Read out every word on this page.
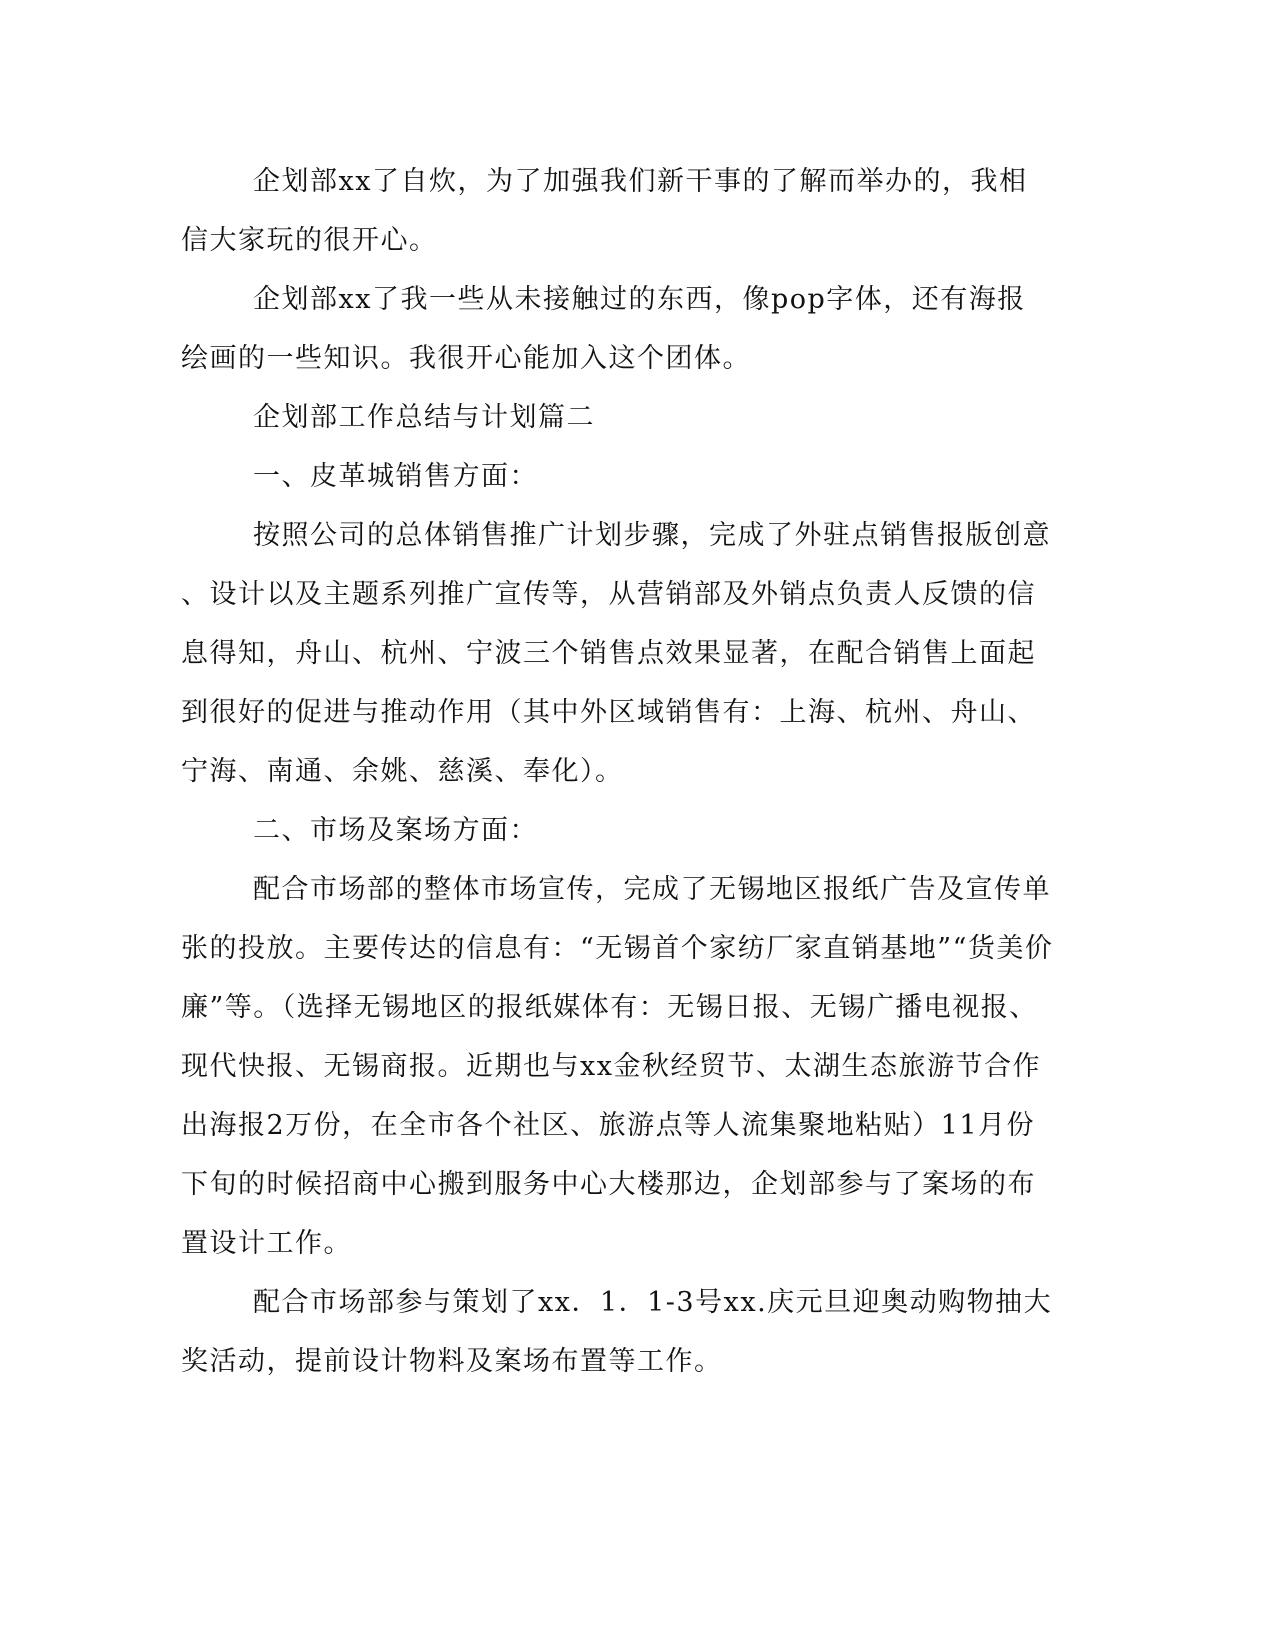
企划部xx了自炊，为了加强我们新干事的了解而举办的，我相
信大家玩的很开心。
企划部xx了我一些从未接触过的东西，像pop字体，还有海报
绘画的一些知识。我很开心能加入这个团体。
企划部工作总结与计划篇二
一、皮革城销售方面：
按照公司的总体销售推广计划步骤，完成了外驻点销售报版创意
、设计以及主题系列推广宣传等，从营销部及外销点负责人反馈的信
息得知，舟山、杭州、宁波三个销售点效果显著，在配合销售上面起
到很好的促进与推动作用（其中外区域销售有：上海、杭州、舟山、
宁海、南通、余姚、慈溪、奉化）。
二、市场及案场方面：
配合市场部的整体市场宣传，完成了无锡地区报纸广告及宣传单
张的投放。主要传达的信息有：“无锡首个家纺厂家直销基地”“货美价
廉”等。（选择无锡地区的报纸媒体有：无锡日报、无锡广播电视报、
现代快报、无锡商报。近期也与xx金秋经贸节、太湖生态旅游节合作
出海报2万份，在全市各个社区、旅游点等人流集聚地粘贴）11月份
下旬的时候招商中心搬到服务中心大楼那边，企划部参与了案场的布
置设计工作。
配合市场部参与策划了xx．1．1-3号xx.庆元旦迎奥动购物抽大
奖活动，提前设计物料及案场布置等工作。
